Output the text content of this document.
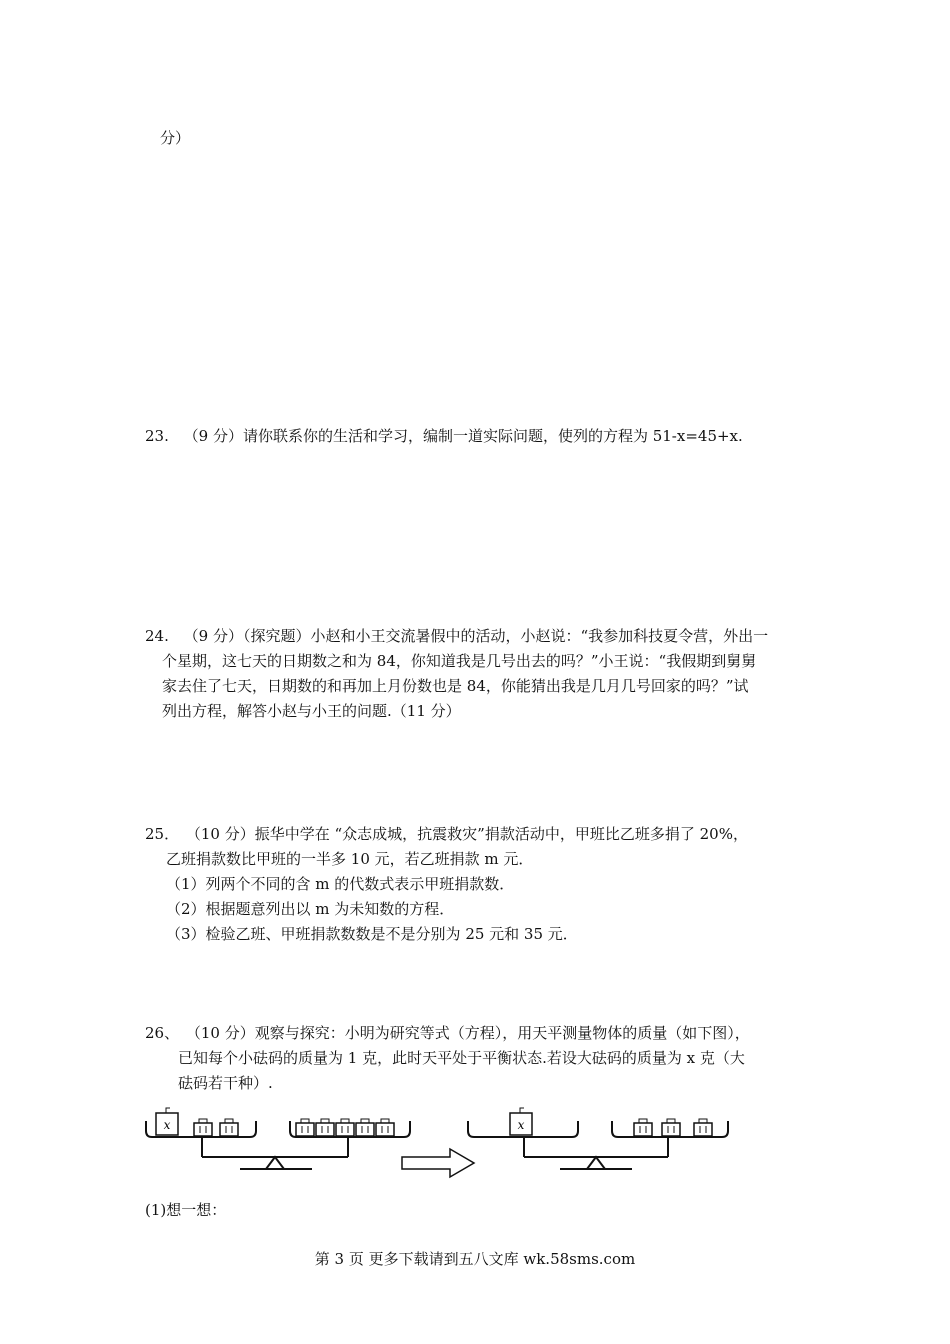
分）
23. （9 分）请你联系你的生活和学习，编制一道实际问题，使列的方程为 51-x=45+x.
24. （9 分）（探究题）小赵和小王交流暑假中的活动，小赵说：“我参加科技夏令营，外出一
个星期，这七天的日期数之和为 84，你知道我是几号出去的吗？”小王说：“我假期到舅舅
家去住了七天，日期数的和再加上月份数也是 84，你能猜出我是几月几号回家的吗？”试
列出方程，解答小赵与小王的问题.（11 分）
25． （10 分）振华中学在 “众志成城，抗震救灾”捐款活动中，甲班比乙班多捐了 20%，
乙班捐款数比甲班的一半多 10 元，若乙班捐款 m 元．
（1）列两个不同的含 m 的代数式表示甲班捐款数．
（2）根据题意列出以 m 为未知数的方程．
（3）检验乙班、甲班捐款数数是不是分别为 25 元和 35 元．
26、 （10 分）观察与探究：小明为研究等式（方程），用天平测量物体的质量（如下图），
已知每个小砝码的质量为 1 克，此时天平处于平衡状态.若设大砝码的质量为 x 克（大
砝码若干种）.
x	x
(1)想一想：
第 3 页 更多下载请到五八文库 wk.58sms.com
